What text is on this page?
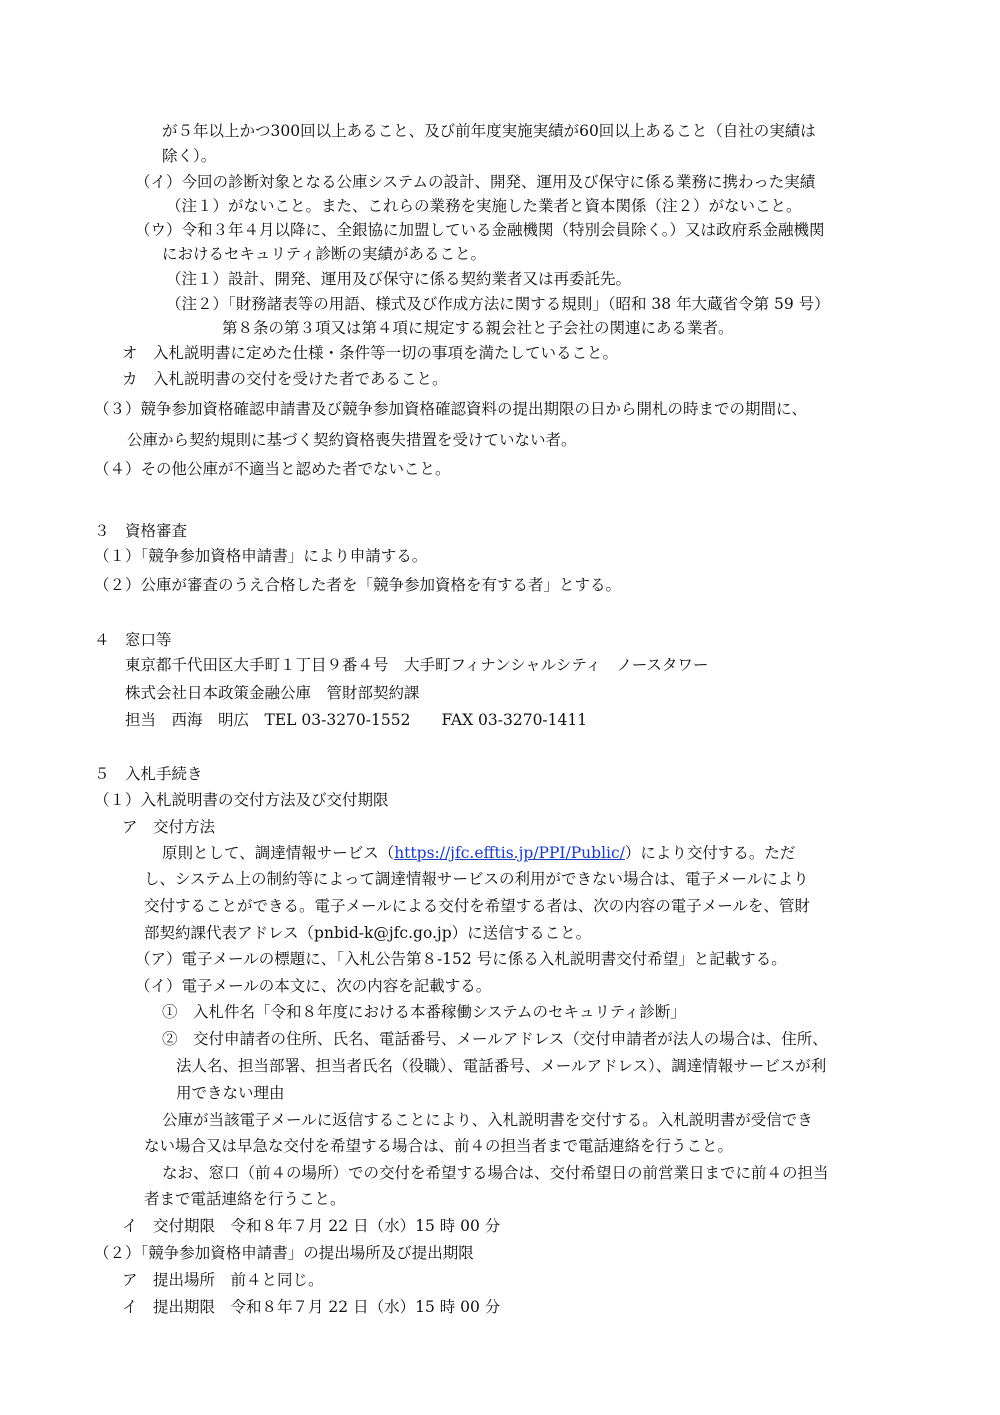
が５年以上かつ300回以上あること、及び前年度実施実績が60回以上あること（自社の実績は
除く）。
（イ）今回の診断対象となる公庫システムの設計、開発、運用及び保守に係る業務に携わった実績
（注１）がないこと。また、これらの業務を実施した業者と資本関係（注２）がないこと。
（ウ）令和３年４月以降に、全銀協に加盟している金融機関（特別会員除く。）又は政府系金融機関
におけるセキュリティ診断の実績があること。
（注１）設計、開発、運用及び保守に係る契約業者又は再委託先。
（注２）「財務諸表等の用語、様式及び作成方法に関する規則」（昭和 38 年大蔵省令第 59 号）
第８条の第３項又は第４項に規定する親会社と子会社の関連にある業者。
オ　入札説明書に定めた仕様・条件等一切の事項を満たしていること。
カ　入札説明書の交付を受けた者であること。
（３）競争参加資格確認申請書及び競争参加資格確認資料の提出期限の日から開札の時までの期間に、
公庫から契約規則に基づく契約資格喪失措置を受けていない者。
（４）その他公庫が不適当と認めた者でないこと。
３　資格審査
（１）「競争参加資格申請書」により申請する。
（２）公庫が審査のうえ合格した者を「競争参加資格を有する者」とする。
４　窓口等
東京都千代田区大手町１丁目９番４号　大手町フィナンシャルシティ　ノースタワー
株式会社日本政策金融公庫　管財部契約課
担当　西海　明広　TEL 03-3270-1552　　FAX 03-3270-1411
５　入札手続き
（１）入札説明書の交付方法及び交付期限
ア　交付方法
原則として、調達情報サービス（https://jfc.efftis.jp/PPI/Public/）により交付する。ただ
し、システム上の制約等によって調達情報サービスの利用ができない場合は、電子メールにより
交付することができる。電子メールによる交付を希望する者は、次の内容の電子メールを、管財
部契約課代表アドレス（pnbid-k@jfc.go.jp）に送信すること。
（ア）電子メールの標題に、「入札公告第８-152 号に係る入札説明書交付希望」と記載する。
（イ）電子メールの本文に、次の内容を記載する。
①　入札件名「令和８年度における本番稼働システムのセキュリティ診断」
②　交付申請者の住所、氏名、電話番号、メールアドレス（交付申請者が法人の場合は、住所、
法人名、担当部署、担当者氏名（役職）、電話番号、メールアドレス）、調達情報サービスが利
用できない理由
公庫が当該電子メールに返信することにより、入札説明書を交付する。入札説明書が受信でき
ない場合又は早急な交付を希望する場合は、前４の担当者まで電話連絡を行うこと。
なお、窓口（前４の場所）での交付を希望する場合は、交付希望日の前営業日までに前４の担当
者まで電話連絡を行うこと。
イ　交付期限　令和８年７月 22 日（水）15 時 00 分
（２）「競争参加資格申請書」の提出場所及び提出期限
ア　提出場所　前４と同じ。
イ　提出期限　令和８年７月 22 日（水）15 時 00 分
